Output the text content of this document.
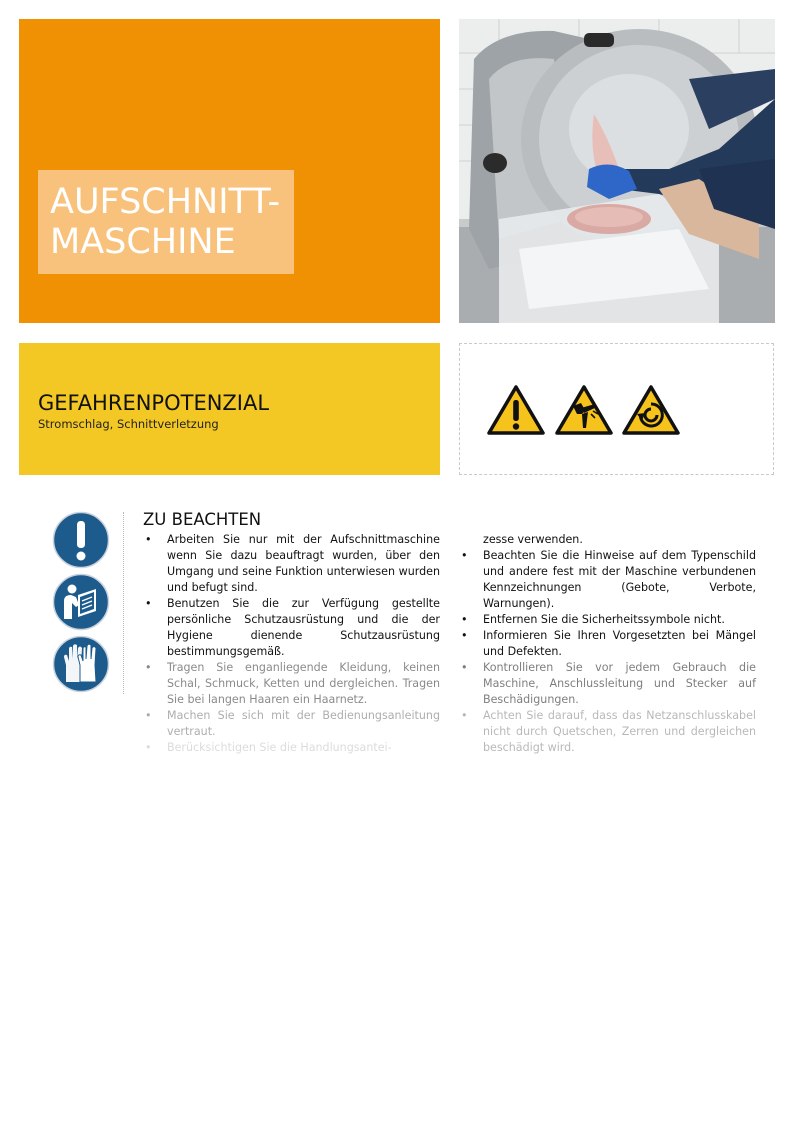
AUFSCHNITT-
MASCHINE
GEFAHRENPOTENZIAL
Stromschlag, Schnittverletzung
ZU BEACHTEN
• Arbeiten Sie nur mit der Aufschnittmaschine wenn Sie dazu beauftragt wurden, über den Umgang und seine Funktion unterwiesen wurden und befugt sind.
• Benutzen Sie die zur Verfügung gestellte persönliche Schutzausrüstung und die der Hygiene dienende Schutzausrüstung bestimmungsgemäß.
• Tragen Sie enganliegende Kleidung, keinen Schal, Schmuck, Ketten und dergleichen. Tragen Sie bei langen Haaren ein Haarnetz.
• Machen Sie sich mit der Bedienungsanleitung vertraut.
• Berücksichtigen Sie die Handlungsantei-
zesse verwenden.
• Beachten Sie die Hinweise auf dem Typenschild und andere fest mit der Maschine verbundenen Kennzeichnungen (Gebote, Verbote, Warnungen).
• Entfernen Sie die Sicherheitssymbole nicht.
• Informieren Sie Ihren Vorgesetzten bei Mängel und Defekten.
• Kontrollieren Sie vor jedem Gebrauch die Maschine, Anschlussleitung und Stecker auf Beschädigungen.
• Achten Sie darauf, dass das Netzanschlusskabel nicht durch Quetschen, Zerren und dergleichen beschädigt wird.
